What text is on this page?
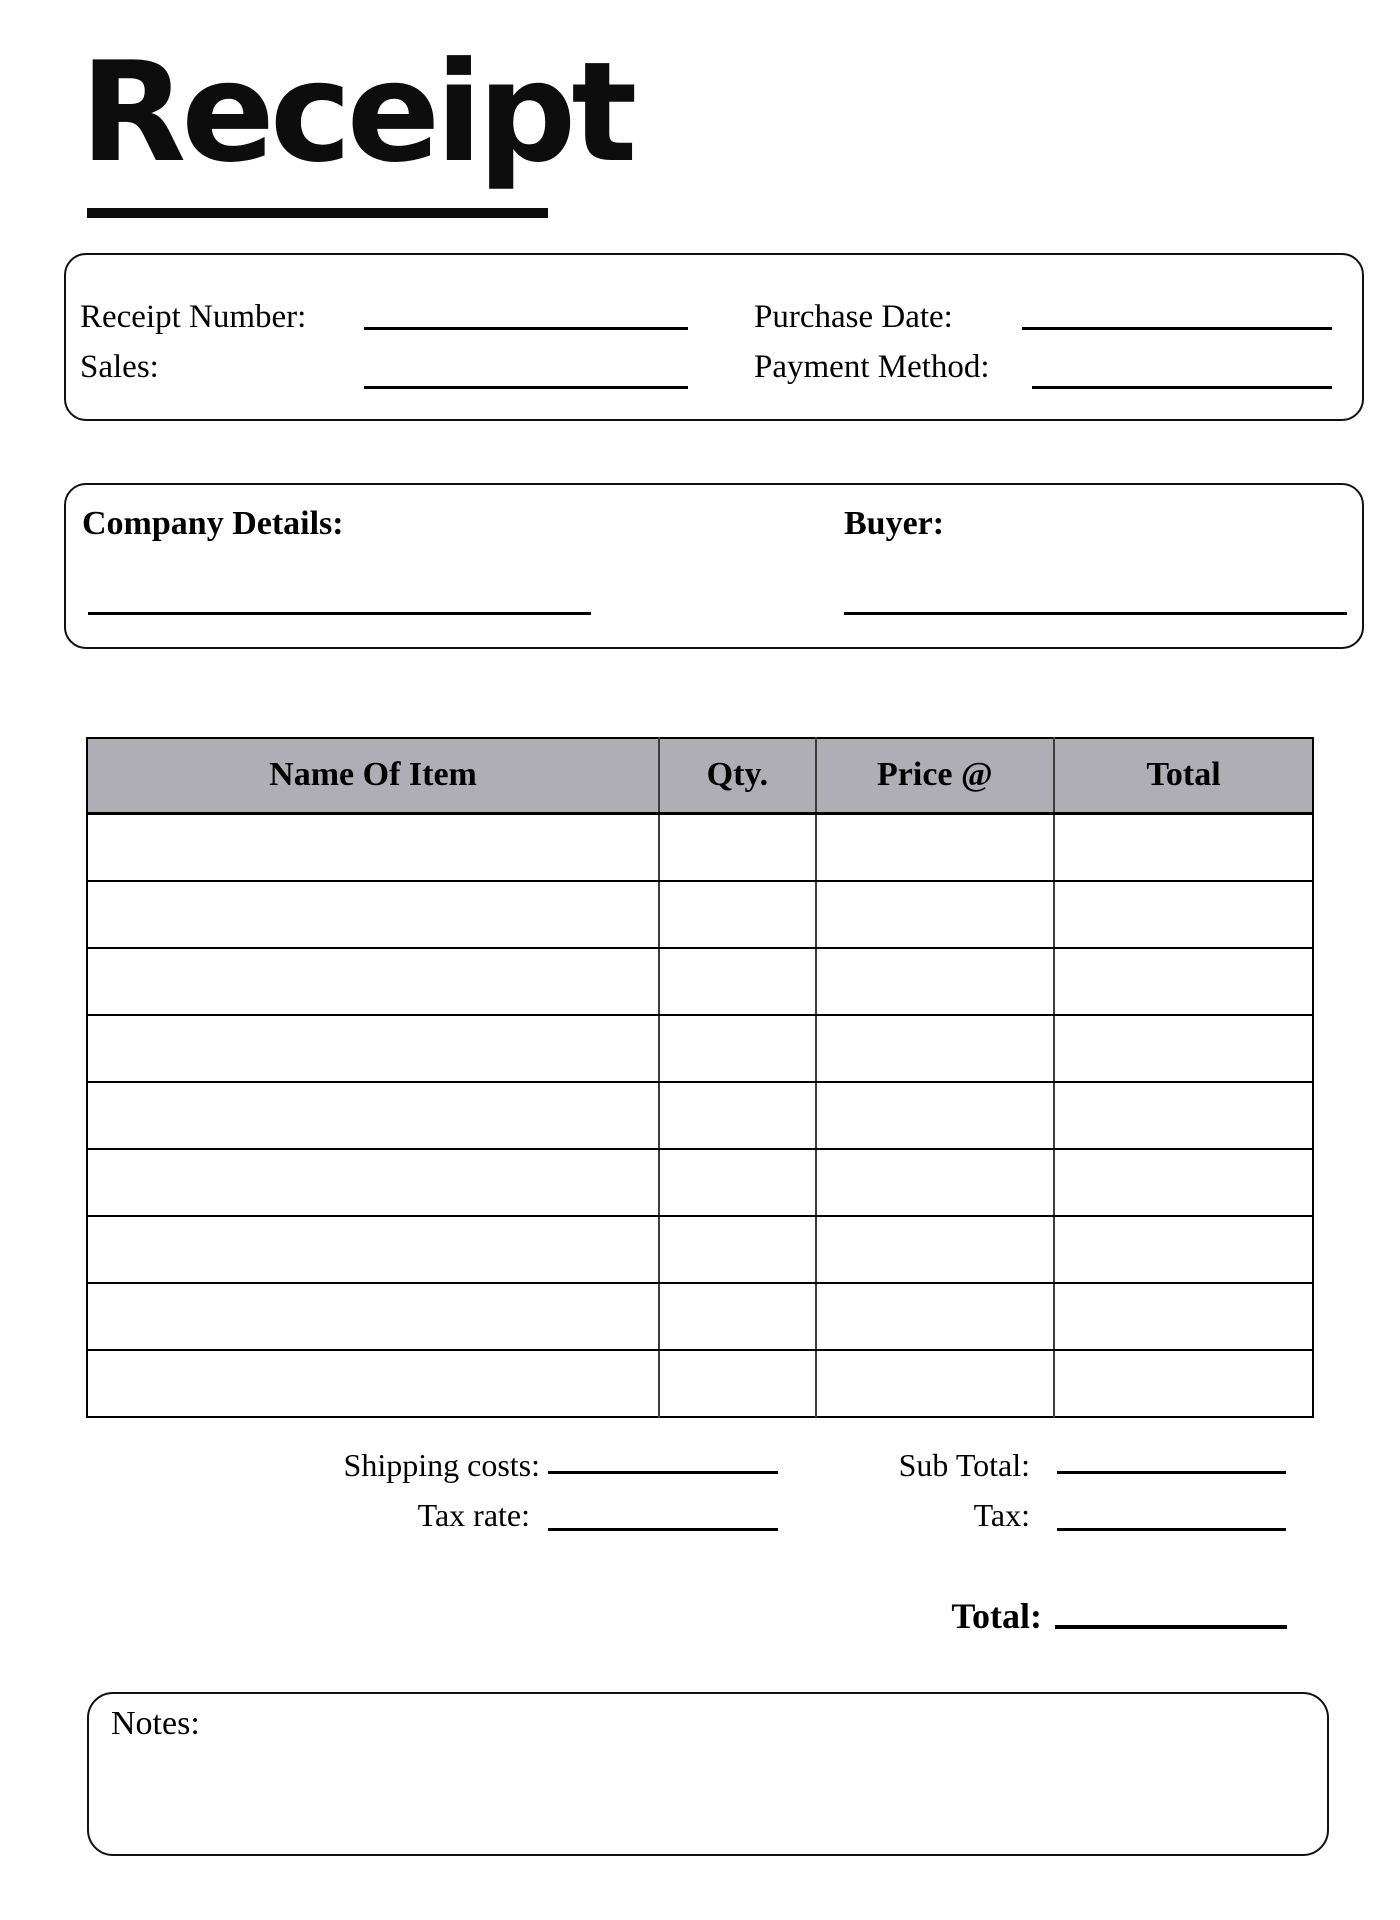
Receipt
Receipt Number:	Purchase Date:
Sales:	Payment Method:
Company Details:	Buyer:
Name Of Item	Qty.	Price @	Total

Shipping costs:	Sub Total:
Tax rate:	Tax:
Total:
Notes:
